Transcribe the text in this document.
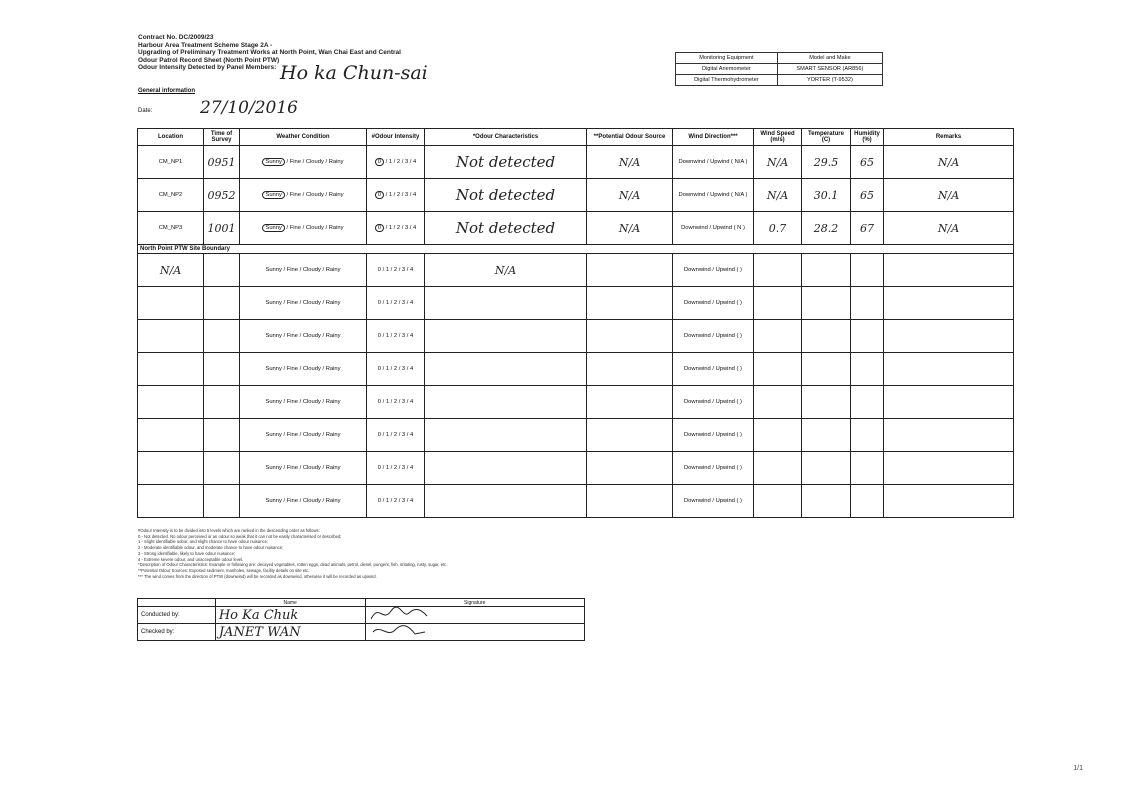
Contract No. DC/2009/23
Harbour Area Treatment Scheme Stage 2A -
Upgrading of Preliminary Treatment Works at North Point, Wan Chai East and Central
Odour Patrol Record Sheet (North Point PTW)
Odour Intensity Detected by Panel Members: Ho ka Chun-sai
General information
Date:	27/10/2016
Monitoring Equipment	Model and Make
Digital Anemometer	SMART SENSOR (AR856)
Digital Thermohydrometer	YORTER (T-9532)
Location	Time of Survey	Weather Condition	#Odour Intensity	*Odour Characteristics	**Potential Odour Source	Wind Direction***	Wind Speed (m/s)	Temperature (C)	Humidity (%)	Remarks
CM_NP1	0951	Sunny / Fine / Cloudy / Rainy	0 / 1 / 2 / 3 / 4	Not detected	N/A	Downwind / Upwind ( N/A )	N/A	29.5	65	N/A
CM_NP2	0952	Sunny / Fine / Cloudy / Rainy	0 / 1 / 2 / 3 / 4	Not detected	N/A	Downwind / Upwind ( N/A )	N/A	30.1	65	N/A
CM_NP3	1001	Sunny / Fine / Cloudy / Rainy	0 / 1 / 2 / 3 / 4	Not detected	N/A	Downwind / Upwind ( N )	0.7	28.2	67	N/A
North Point PTW Site Boundary										
N/A		Sunny / Fine / Cloudy / Rainy	0 / 1 / 2 / 3 / 4	N/A		Downwind / Upwind ( )				
		Sunny / Fine / Cloudy / Rainy	0 / 1 / 2 / 3 / 4			Downwind / Upwind ( )				
		Sunny / Fine / Cloudy / Rainy	0 / 1 / 2 / 3 / 4			Downwind / Upwind ( )				
		Sunny / Fine / Cloudy / Rainy	0 / 1 / 2 / 3 / 4			Downwind / Upwind ( )				
		Sunny / Fine / Cloudy / Rainy	0 / 1 / 2 / 3 / 4			Downwind / Upwind ( )				
		Sunny / Fine / Cloudy / Rainy	0 / 1 / 2 / 3 / 4			Downwind / Upwind ( )				
		Sunny / Fine / Cloudy / Rainy	0 / 1 / 2 / 3 / 4			Downwind / Upwind ( )				
		Sunny / Fine / Cloudy / Rainy	0 / 1 / 2 / 3 / 4			Downwind / Upwind ( )				
#Odour Intensity is to be divided into 5 levels which are ranked in the descending order as follows:
0 - Not detected. No odour perceived or an odour so weak that it can not be easily characterised or described;
1 - Slight identifiable odour, and slight chance to have odour nuisance;
2 - Moderate identifiable odour, and moderate chance to have odour nuisance;
3 - Strong identifiable, likely to have odour nuisance;
4 - Extreme severe odour, and unacceptable odour level.
*Description of Odour Characteristics: Example or following are: decayed vegetables, rotten eggs, dead animals, petrol, diesel, pungent, fish, irritating, rusty, sugar, etc.
**Potential Odour Sources: Exposed sediment, manholes, sewage, facility details on site etc.
*** The wind comes from the direction of PTW (downwind) will be recorded as downwind, otherwise it will be recorded as upwind.
	Name	Signature
Conducted by:	Ho Ka Chuk	
Checked by:	JANET WAN	
1/1
